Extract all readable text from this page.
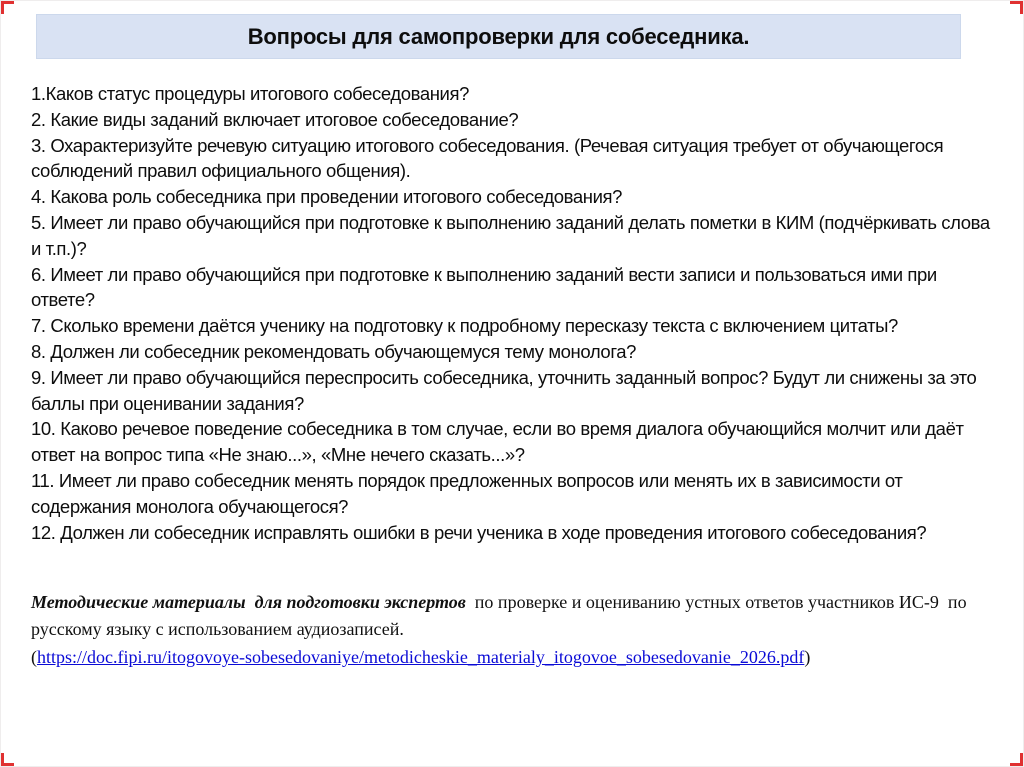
Вопросы для самопроверки для собеседника.

1.Каков статус процедуры итогового собеседования?

2. Какие виды заданий включает итоговое собеседование?

3. Охарактеризуйте речевую ситуацию итогового собеседования. (Речевая ситуация требует от обучающегося соблюдений правил официального общения).

4. Какова роль собеседника при проведении итогового собеседования?

5. Имеет ли право обучающийся при подготовке к выполнению заданий делать пометки в КИМ (подчёркивать слова и т.п.)?

6. Имеет ли право обучающийся при подготовке к выполнению заданий вести записи и пользоваться ими при ответе?

7. Сколько времени даётся ученику на подготовку к подробному пересказу текста с включением цитаты?

8. Должен ли собеседник рекомендовать обучающемуся тему монолога?

9. Имеет ли право обучающийся переспросить собеседника, уточнить заданный вопрос? Будут ли снижены за это баллы при оценивании задания?

10. Каково речевое поведение собеседника в том случае, если во время диалога обучающийся молчит или даёт ответ на вопрос типа «Не знаю...», «Мне нечего сказать...»?

11. Имеет ли право собеседник менять порядок предложенных вопросов или менять их в зависимости от содержания монолога обучающегося?

12. Должен ли собеседник исправлять ошибки в речи ученика в ходе проведения итогового собеседования?

Методические материалы  для подготовки экспертов  по проверке и оцениванию устных ответов участников ИС-9  по русскому языку с использованием аудиозаписей.
(https://doc.fipi.ru/itogovoye-sobesedovaniye/metodicheskie_materialy_itogovoe_sobesedovanie_2026.pdf)
